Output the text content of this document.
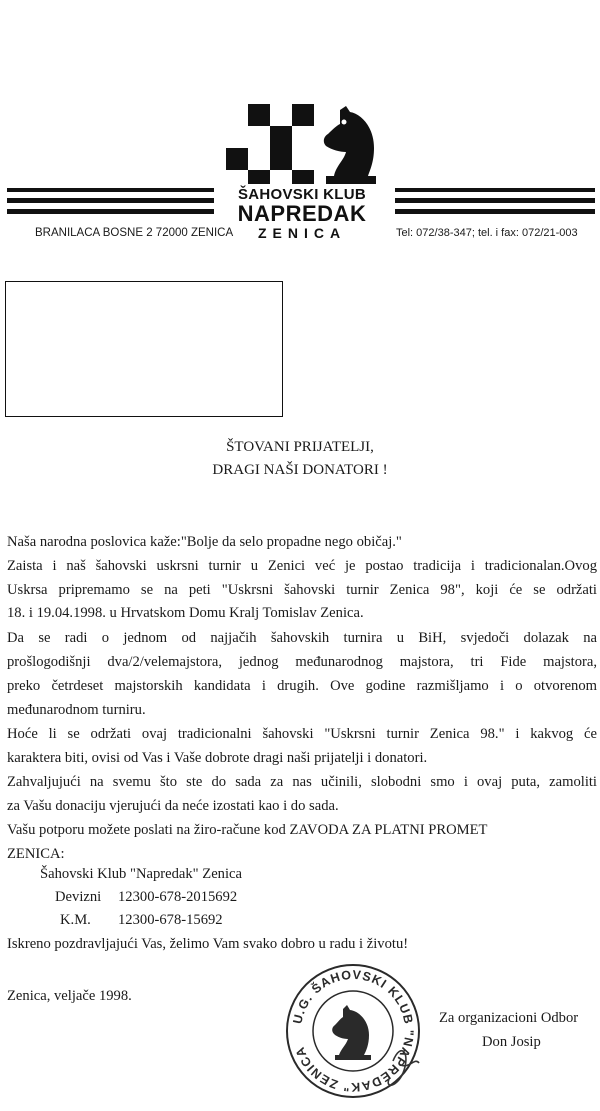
ŠAHOVSKI KLUB
NAPREDAK
ZENICA
BRANILACA BOSNE 2 72000 ZENICA	Tel: 072/38-347; tel. i fax: 072/21-003
ŠTOVANI PRIJATELJI,
DRAGI NAŠI DONATORI !
Naša narodna poslovica kaže:"Bolje da selo propadne nego običaj."
Zaista i naš šahovski uskrsni turnir u Zenici već je postao tradicija i tradicionalan.Ovog
Uskrsa pripremamo se na peti "Uskrsni šahovski turnir Zenica 98", koji će se održati
18. i 19.04.1998. u Hrvatskom Domu Kralj Tomislav Zenica.
Da se radi o jednom od najjačih šahovskih turnira u BiH, svjedoči dolazak na
prošlogodišnji dva/2/velemajstora, jednog međunarodnog majstora, tri Fide majstora,
preko četrdeset majstorskih kandidata i drugih. Ove godine razmišljamo i o otvorenom
međunarodnom turniru.
Hoće li se održati ovaj tradicionalni šahovski "Uskrsni turnir Zenica 98." i kakvog će
karaktera biti, ovisi od Vas i Vaše dobrote dragi naši prijatelji i donatori.
Zahvaljujući na svemu što ste do sada za nas učinili, slobodni smo i ovaj puta, zamoliti
za Vašu donaciju vjerujući da neće izostati kao i do sada.
Vašu potporu možete poslati na žiro-račune kod ZAVODA ZA PLATNI PROMET
ZENICA:
Šahovski Klub "Napredak" Zenica
Devizni 12300-678-2015692
K.M. 12300-678-15692
Iskreno pozdravljajući Vas, želimo Vam svako dobro u radu i životu!
Zenica, veljače 1998.
U.G. ŠAHOVSKI KLUB "NAPREDAK" ZENICA
Za organizacioni Odbor
Don Josip
